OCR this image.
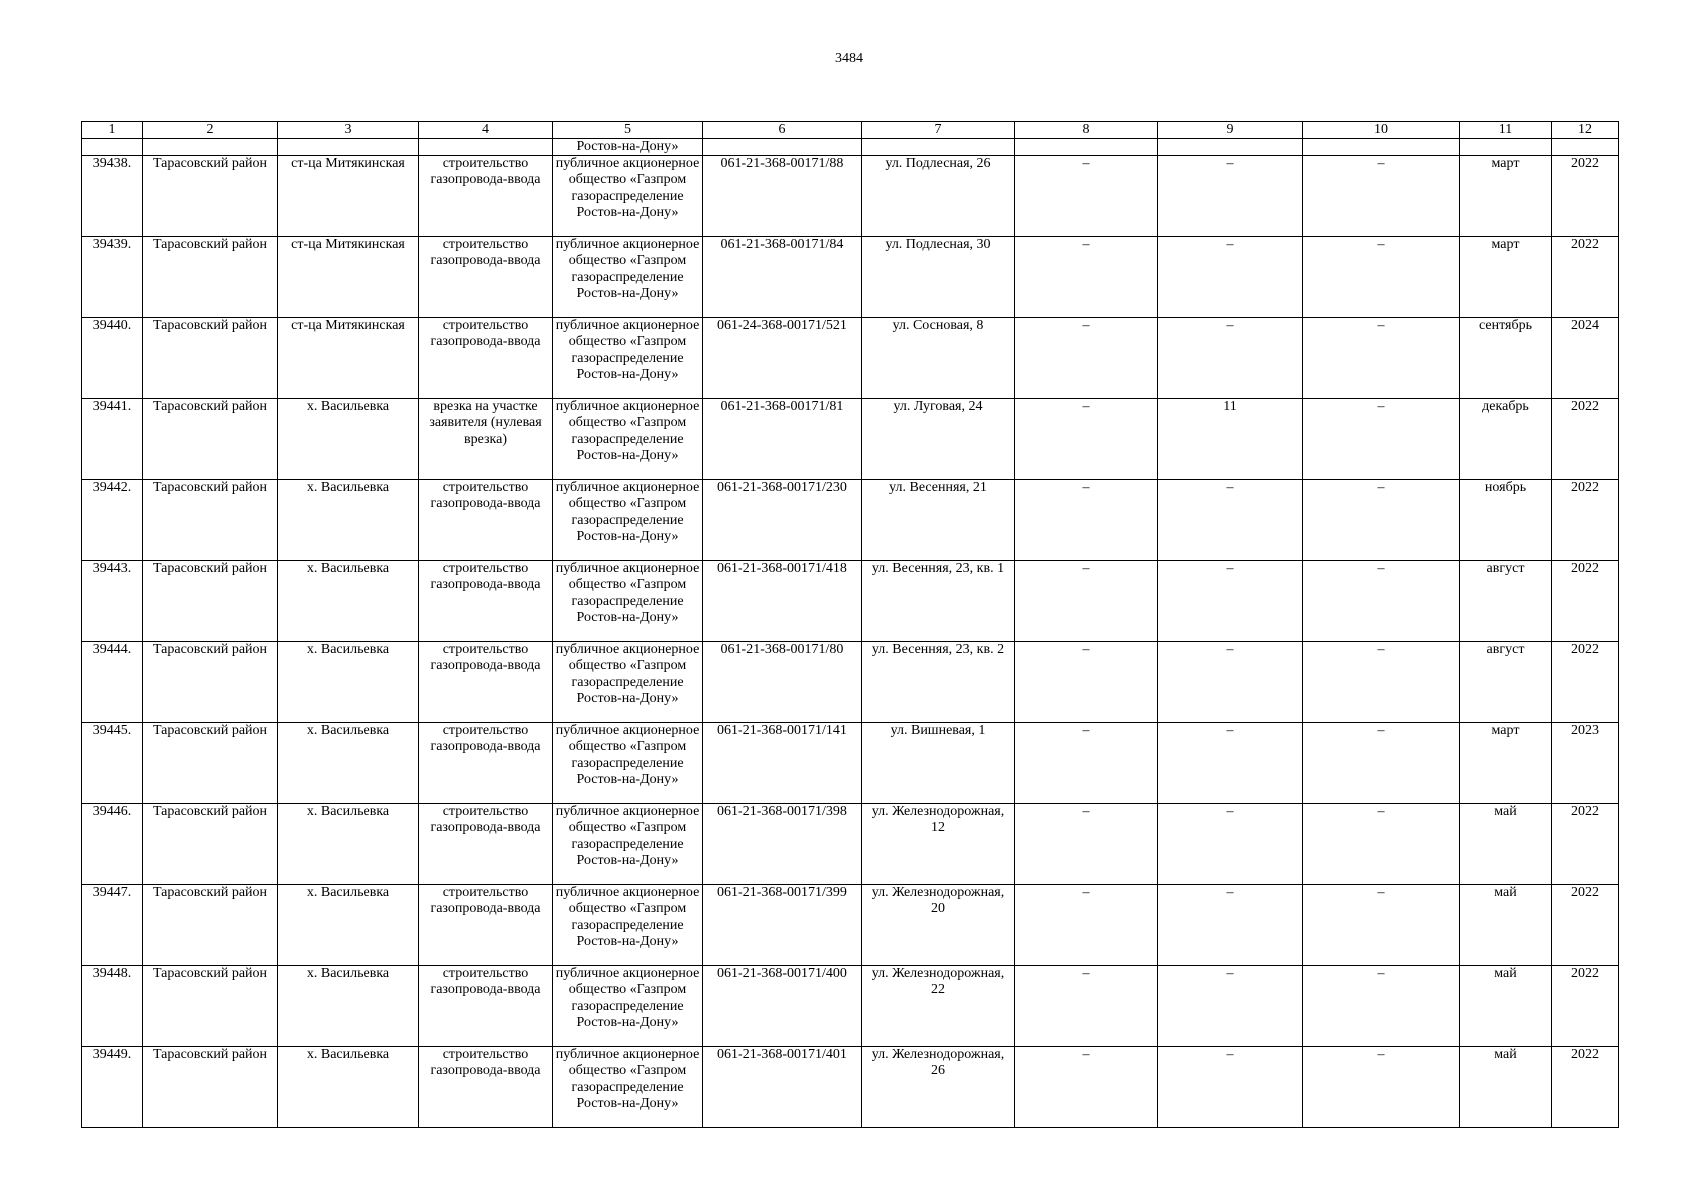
3484
1	2	3	4	5	6	7	8	9	10	11	12
				Ростов-на-Дону»							
39438.	Тарасовский район	ст-ца Митякинская	строительство газопровода-ввода	публичное акционерное общество «Газпром газораспределение Ростов-на-Дону»	061-21-368-00171/88	ул. Подлесная, 26	–	–	–	март	2022
39439.	Тарасовский район	ст-ца Митякинская	строительство газопровода-ввода	публичное акционерное общество «Газпром газораспределение Ростов-на-Дону»	061-21-368-00171/84	ул. Подлесная, 30	–	–	–	март	2022
39440.	Тарасовский район	ст-ца Митякинская	строительство газопровода-ввода	публичное акционерное общество «Газпром газораспределение Ростов-на-Дону»	061-24-368-00171/521	ул. Сосновая, 8	–	–	–	сентябрь	2024
39441.	Тарасовский район	х. Васильевка	врезка на участке заявителя (нулевая врезка)	публичное акционерное общество «Газпром газораспределение Ростов-на-Дону»	061-21-368-00171/81	ул. Луговая, 24	–	11	–	декабрь	2022
39442.	Тарасовский район	х. Васильевка	строительство газопровода-ввода	публичное акционерное общество «Газпром газораспределение Ростов-на-Дону»	061-21-368-00171/230	ул. Весенняя, 21	–	–	–	ноябрь	2022
39443.	Тарасовский район	х. Васильевка	строительство газопровода-ввода	публичное акционерное общество «Газпром газораспределение Ростов-на-Дону»	061-21-368-00171/418	ул. Весенняя, 23, кв. 1	–	–	–	август	2022
39444.	Тарасовский район	х. Васильевка	строительство газопровода-ввода	публичное акционерное общество «Газпром газораспределение Ростов-на-Дону»	061-21-368-00171/80	ул. Весенняя, 23, кв. 2	–	–	–	август	2022
39445.	Тарасовский район	х. Васильевка	строительство газопровода-ввода	публичное акционерное общество «Газпром газораспределение Ростов-на-Дону»	061-21-368-00171/141	ул. Вишневая, 1	–	–	–	март	2023
39446.	Тарасовский район	х. Васильевка	строительство газопровода-ввода	публичное акционерное общество «Газпром газораспределение Ростов-на-Дону»	061-21-368-00171/398	ул. Железнодорожная, 12	–	–	–	май	2022
39447.	Тарасовский район	х. Васильевка	строительство газопровода-ввода	публичное акционерное общество «Газпром газораспределение Ростов-на-Дону»	061-21-368-00171/399	ул. Железнодорожная, 20	–	–	–	май	2022
39448.	Тарасовский район	х. Васильевка	строительство газопровода-ввода	публичное акционерное общество «Газпром газораспределение Ростов-на-Дону»	061-21-368-00171/400	ул. Железнодорожная, 22	–	–	–	май	2022
39449.	Тарасовский район	х. Васильевка	строительство газопровода-ввода	публичное акционерное общество «Газпром газораспределение Ростов-на-Дону»	061-21-368-00171/401	ул. Железнодорожная, 26	–	–	–	май	2022
